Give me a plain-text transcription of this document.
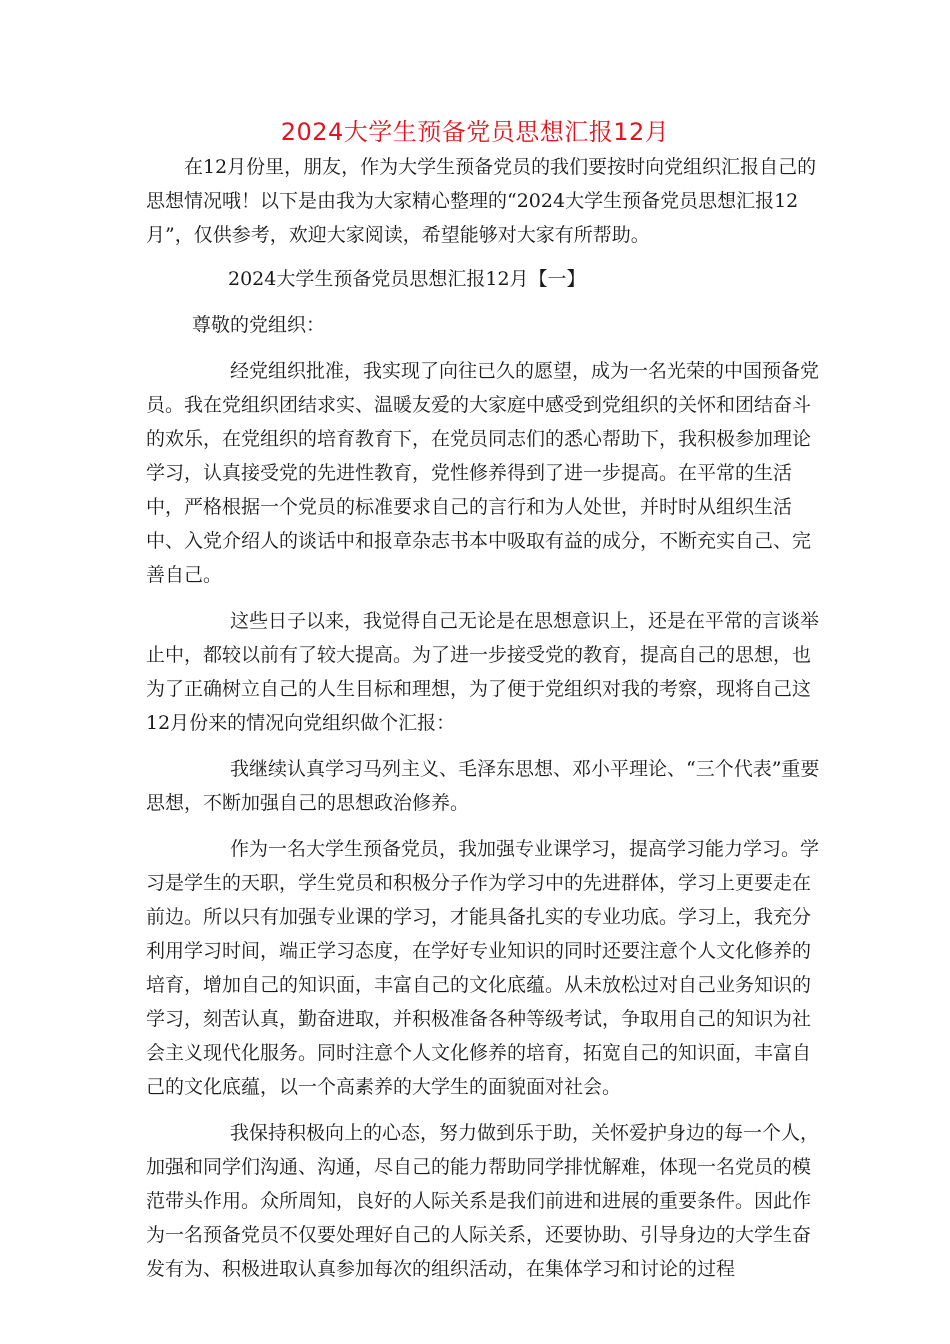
2024大学生预备党员思想汇报12月

在12月份里，朋友，作为大学生预备党员的我们要按时向党组织汇报自己的思想情况哦！以下是由我为大家精心整理的“2024大学生预备党员思想汇报12月”，仅供参考，欢迎大家阅读，希望能够对大家有所帮助。

2024大学生预备党员思想汇报12月【一】

尊敬的党组织：

经党组织批准，我实现了向往已久的愿望，成为一名光荣的中国预备党员。我在党组织团结求实、温暖友爱的大家庭中感受到党组织的关怀和团结奋斗的欢乐，在党组织的培育教育下，在党员同志们的悉心帮助下，我积极参加理论学习，认真接受党的先进性教育，党性修养得到了进一步提高。在平常的生活中，严格根据一个党员的标准要求自己的言行和为人处世，并时时从组织生活中、入党介绍人的谈话中和报章杂志书本中吸取有益的成分，不断充实自己、完善自己。

这些日子以来，我觉得自己无论是在思想意识上，还是在平常的言谈举止中，都较以前有了较大提高。为了进一步接受党的教育，提高自己的思想，也为了正确树立自己的人生目标和理想，为了便于党组织对我的考察，现将自己这12月份来的情况向党组织做个汇报：

我继续认真学习马列主义、毛泽东思想、邓小平理论、“三个代表”重要思想，不断加强自己的思想政治修养。

作为一名大学生预备党员，我加强专业课学习，提高学习能力学习。学习是学生的天职，学生党员和积极分子作为学习中的先进群体，学习上更要走在前边。所以只有加强专业课的学习，才能具备扎实的专业功底。学习上，我充分利用学习时间，端正学习态度，在学好专业知识的同时还要注意个人文化修养的培育，增加自己的知识面，丰富自己的文化底蕴。从未放松过对自己业务知识的学习，刻苦认真，勤奋进取，并积极准备各种等级考试，争取用自己的知识为社会主义现代化服务。同时注意个人文化修养的培育，拓宽自己的知识面，丰富自己的文化底蕴，以一个高素养的大学生的面貌面对社会。

我保持积极向上的心态，努力做到乐于助，关怀爱护身边的每一个人，加强和同学们沟通、沟通，尽自己的能力帮助同学排忧解难，体现一名党员的模范带头作用。众所周知，良好的人际关系是我们前进和进展的重要条件。因此作为一名预备党员不仅要处理好自己的人际关系，还要协助、引导身边的大学生奋发有为、积极进取认真参加每次的组织活动，在集体学习和讨论的过程
